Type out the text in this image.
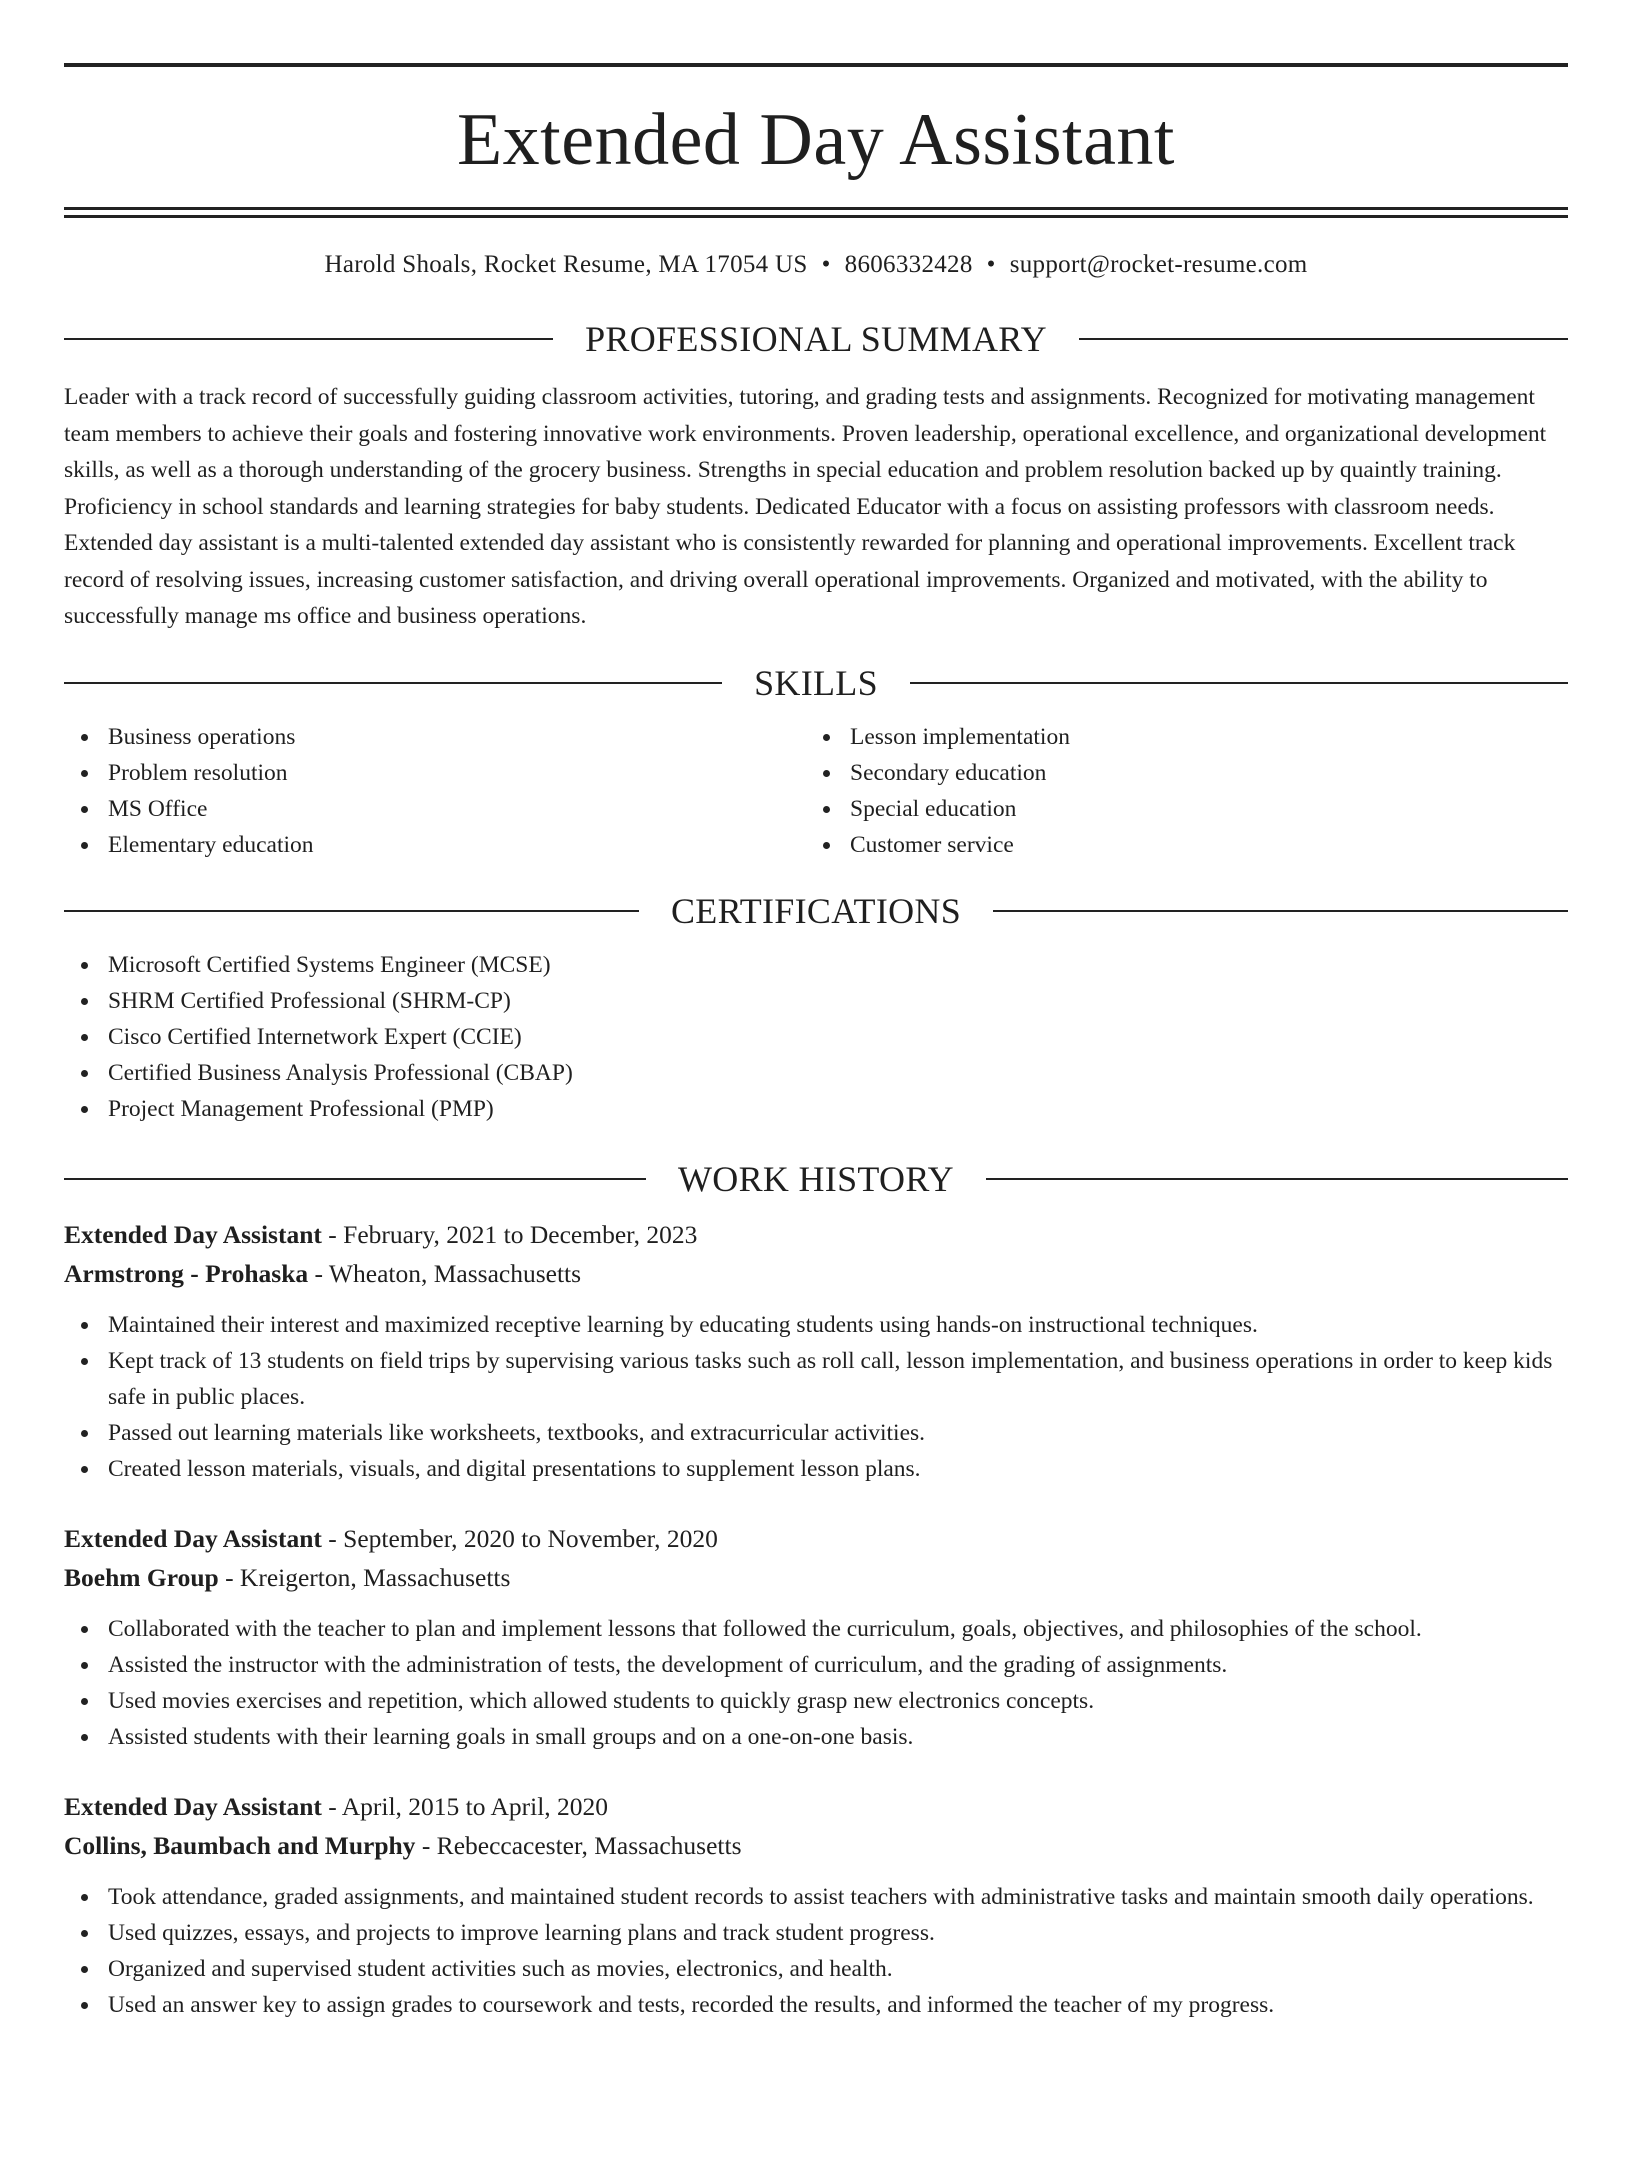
Extended Day Assistant
Harold Shoals, Rocket Resume, MA 17054 US • 8606332428 • support@rocket-resume.com
PROFESSIONAL SUMMARY

Leader with a track record of successfully guiding classroom activities, tutoring, and grading tests and assignments. Recognized for motivating management team members to achieve their goals and fostering innovative work environments. Proven leadership, operational excellence, and organizational development skills, as well as a thorough understanding of the grocery business. Strengths in special education and problem resolution backed up by quaintly training. Proficiency in school standards and learning strategies for baby students. Dedicated Educator with a focus on assisting professors with classroom needs. Extended day assistant is a multi-talented extended day assistant who is consistently rewarded for planning and operational improvements. Excellent track record of resolving issues, increasing customer satisfaction, and driving overall operational improvements. Organized and motivated, with the ability to successfully manage ms office and business operations.

SKILLS
Business operations
Problem resolution
MS Office
Elementary education
Lesson implementation
Secondary education
Special education
Customer service
CERTIFICATIONS
Microsoft Certified Systems Engineer (MCSE)
SHRM Certified Professional (SHRM-CP)
Cisco Certified Internetwork Expert (CCIE)
Certified Business Analysis Professional (CBAP)
Project Management Professional (PMP)
WORK HISTORY
Extended Day Assistant - February, 2021 to December, 2023
Armstrong - Prohaska - Wheaton, Massachusetts
Maintained their interest and maximized receptive learning by educating students using hands-on instructional techniques.
Kept track of 13 students on field trips by supervising various tasks such as roll call, lesson implementation, and business operations in order to keep kids safe in public places.
Passed out learning materials like worksheets, textbooks, and extracurricular activities.
Created lesson materials, visuals, and digital presentations to supplement lesson plans.
Extended Day Assistant - September, 2020 to November, 2020
Boehm Group - Kreigerton, Massachusetts
Collaborated with the teacher to plan and implement lessons that followed the curriculum, goals, objectives, and philosophies of the school.
Assisted the instructor with the administration of tests, the development of curriculum, and the grading of assignments.
Used movies exercises and repetition, which allowed students to quickly grasp new electronics concepts.
Assisted students with their learning goals in small groups and on a one-on-one basis.
Extended Day Assistant - April, 2015 to April, 2020
Collins, Baumbach and Murphy - Rebeccacester, Massachusetts
Took attendance, graded assignments, and maintained student records to assist teachers with administrative tasks and maintain smooth daily operations.
Used quizzes, essays, and projects to improve learning plans and track student progress.
Organized and supervised student activities such as movies, electronics, and health.
Used an answer key to assign grades to coursework and tests, recorded the results, and informed the teacher of my progress.
